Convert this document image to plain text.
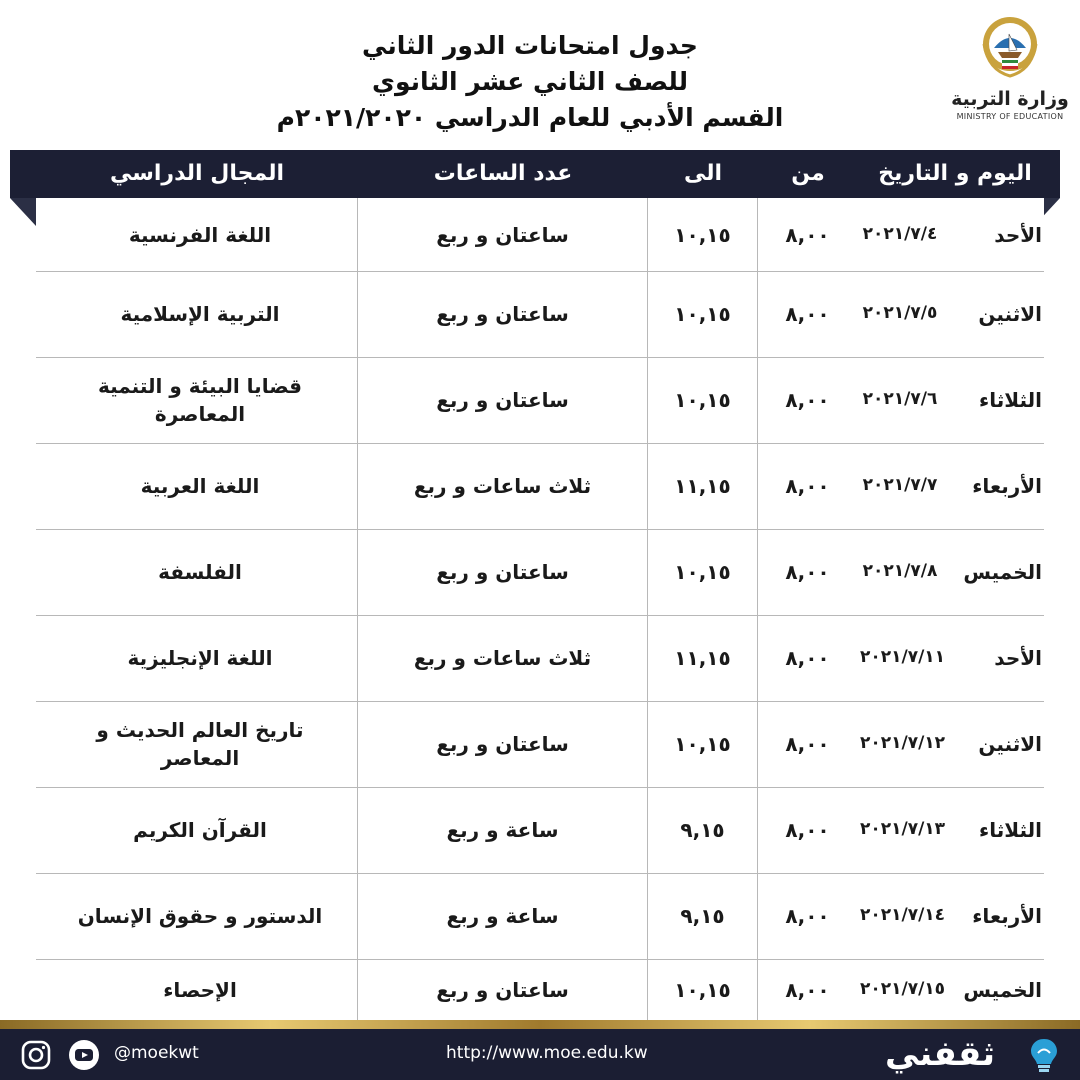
جدول امتحانات الدور الثاني
للصف الثاني عشر الثانوي
القسم الأدبي للعام الدراسي ٢٠٢١/٢٠٢٠م
وزارة التربية
MINISTRY OF EDUCATION
اليوم و التاريخ
من
الى
عدد الساعات
المجال الدراسي
الأحد
٢٠٢١/٧/٤
٨,٠٠
١٠,١٥
ساعتان و ربع
اللغة الفرنسية
الاثنين
٢٠٢١/٧/٥
٨,٠٠
١٠,١٥
ساعتان و ربع
التربية الإسلامية
الثلاثاء
٢٠٢١/٧/٦
٨,٠٠
١٠,١٥
ساعتان و ربع
قضايا البيئة و التنمية المعاصرة
الأربعاء
٢٠٢١/٧/٧
٨,٠٠
١١,١٥
ثلاث ساعات و ربع
اللغة العربية
الخميس
٢٠٢١/٧/٨
٨,٠٠
١٠,١٥
ساعتان و ربع
الفلسفة
الأحد
٢٠٢١/٧/١١
٨,٠٠
١١,١٥
ثلاث ساعات و ربع
اللغة الإنجليزية
الاثنين
٢٠٢١/٧/١٢
٨,٠٠
١٠,١٥
ساعتان و ربع
تاريخ العالم الحديث و المعاصر
الثلاثاء
٢٠٢١/٧/١٣
٨,٠٠
٩,١٥
ساعة و ربع
القرآن الكريم
الأربعاء
٢٠٢١/٧/١٤
٨,٠٠
٩,١٥
ساعة و ربع
الدستور و حقوق الإنسان
الخميس
٢٠٢١/٧/١٥
٨,٠٠
١٠,١٥
ساعتان و ربع
الإحصاء
@moekwt	http://www.moe.edu.kw	ثقفني
